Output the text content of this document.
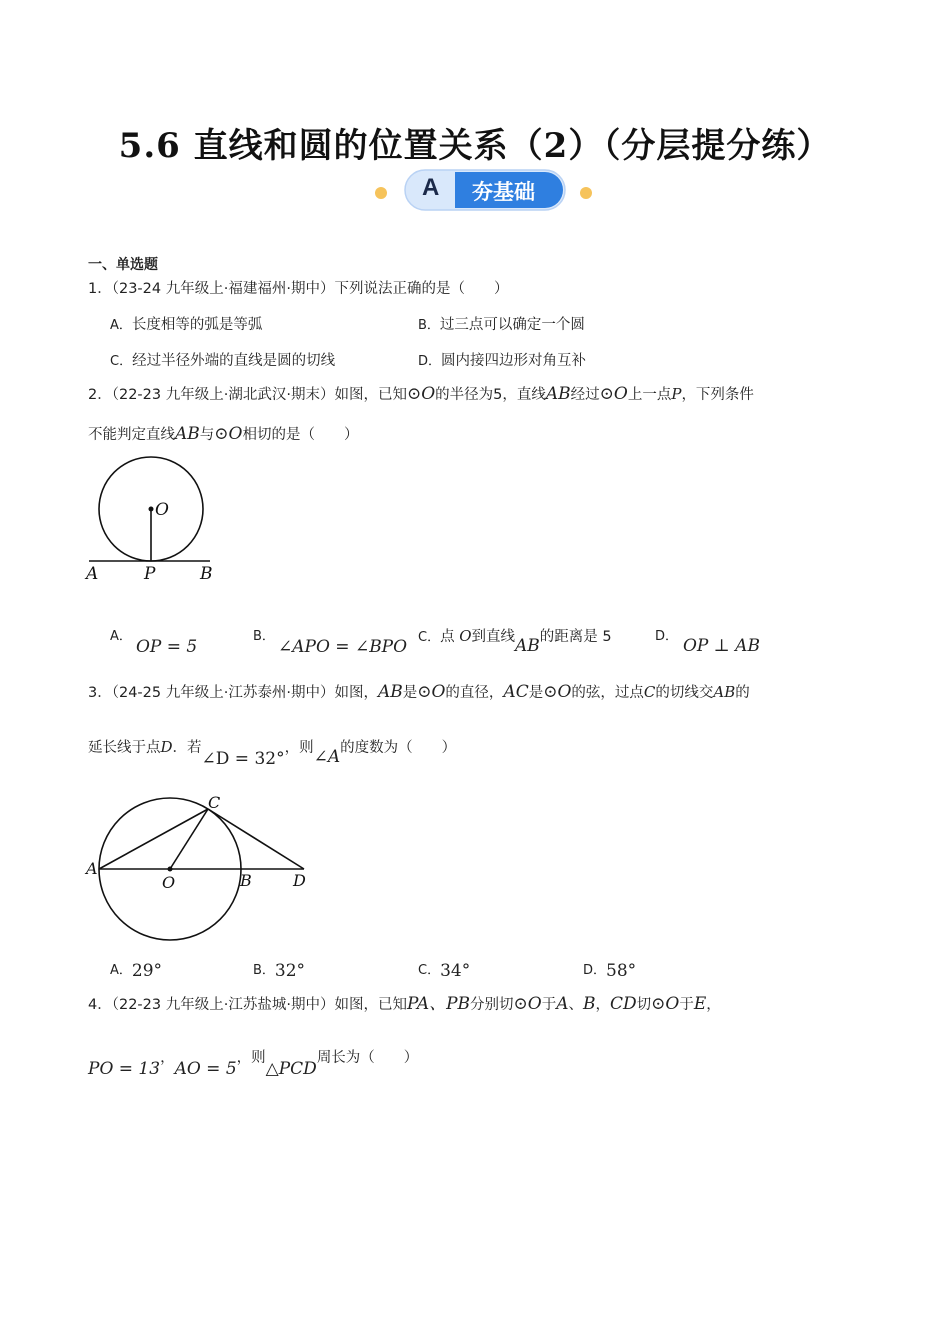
5.6 直线和圆的位置关系（2）（分层提分练）
A 夯基础
一、单选题
1．（23-24 九年级上·福建福州·期中）下列说法正确的是（　　）
A．长度相等的弧是等弧	B．过三点可以确定一个圆
C．经过半径外端的直线是圆的切线	D．圆内接四边形对角互补
2．（22-23 九年级上·湖北武汉·期末）如图，已知⊙O的半径为5，直线AB经过⊙O上一点P，下列条件
不能判定直线AB与⊙O相切的是（　　）
O
A	P	B
A．
OP = 5
B．
∠APO = ∠BPO C．点 O到直线AB的距离是 5	D． OP ⊥ AB
3．（24-25 九年级上·江苏泰州·期中）如图，AB是⊙O的直径，AC是⊙O的弦，过点C的切线交AB的
延长线于点D．若∠D = 32°，则∠A的度数为（　　）
C
A
O	B	D
A．29°	B．32°	C．34°	D．58°
4．（22-23 九年级上·江苏盐城·期中）如图，已知PA、PB分别切⊙O于A、B，CD切⊙O于E，
PO = 13，AO = 5，则△PCD周长为（　　）
